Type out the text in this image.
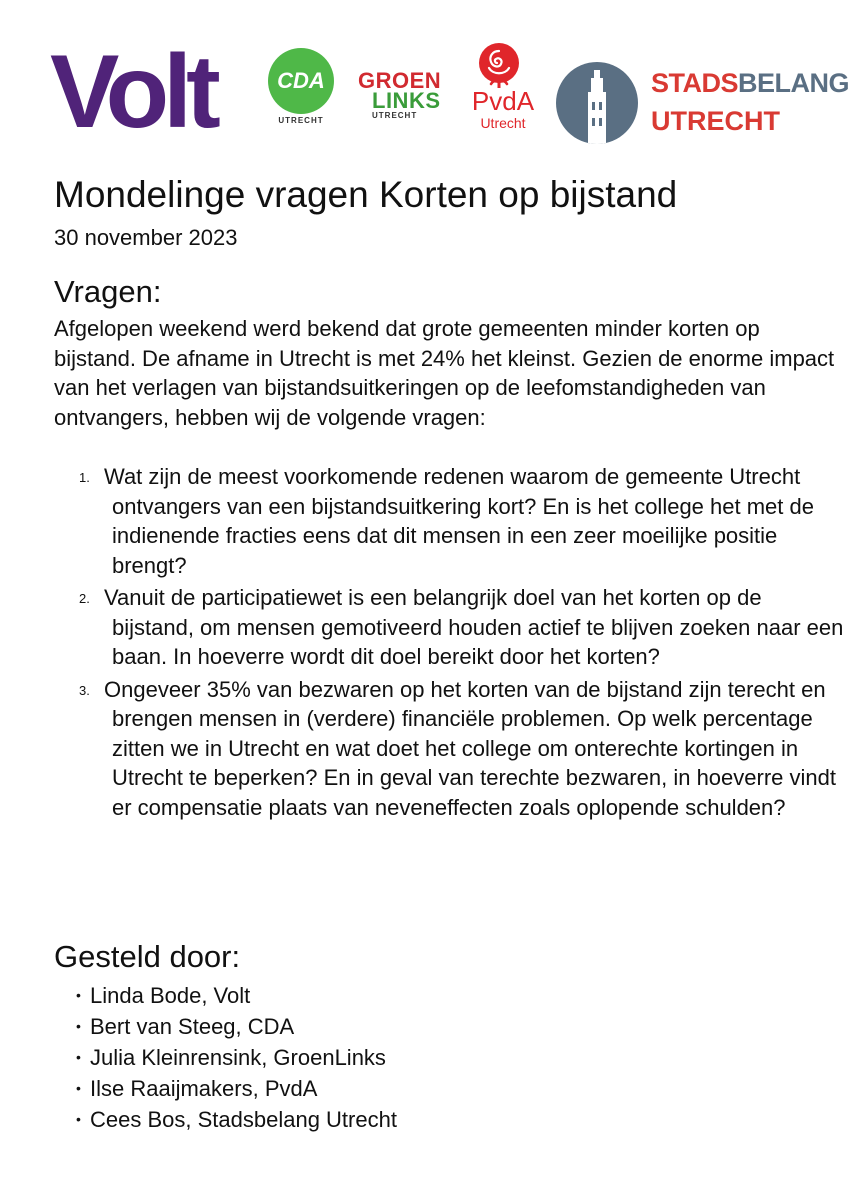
Volt	CDA
UTRECHT
GROEN
LINKS
UTRECHT	PvdA
Utrecht
STADSBELANG
UTRECHT
Mondelinge vragen Korten op bijstand
30 november 2023
Vragen:

Afgelopen weekend werd bekend dat grote gemeenten minder korten op bijstand. De afname in Utrecht is met 24% het kleinst. Gezien de enorme impact van het verlagen van bijstandsuitkeringen op de leefomstandigheden van ontvangers, hebben wij de volgende vragen:

1. Wat zijn de meest voorkomende redenen waarom de gemeente Utrecht ontvangers van een bijstandsuitkering kort? En is het college het met de indienende fracties eens dat dit mensen in een zeer moeilijke positie brengt?
2. Vanuit de participatiewet is een belangrijk doel van het korten op de bijstand, om mensen gemotiveerd houden actief te blijven zoeken naar een baan. In hoeverre wordt dit doel bereikt door het korten?
3. Ongeveer 35% van bezwaren op het korten van de bijstand zijn terecht en brengen mensen in (verdere) financiële problemen. Op welk percentage zitten we in Utrecht en wat doet het college om onterechte kortingen in Utrecht te beperken? En in geval van terechte bezwaren, in hoeverre vindt er compensatie plaats van neveneffecten zoals oplopende schulden?
Gesteld door:
• Linda Bode, Volt
• Bert van Steeg, CDA
• Julia Kleinrensink, GroenLinks
• Ilse Raaijmakers, PvdA
• Cees Bos, Stadsbelang Utrecht
